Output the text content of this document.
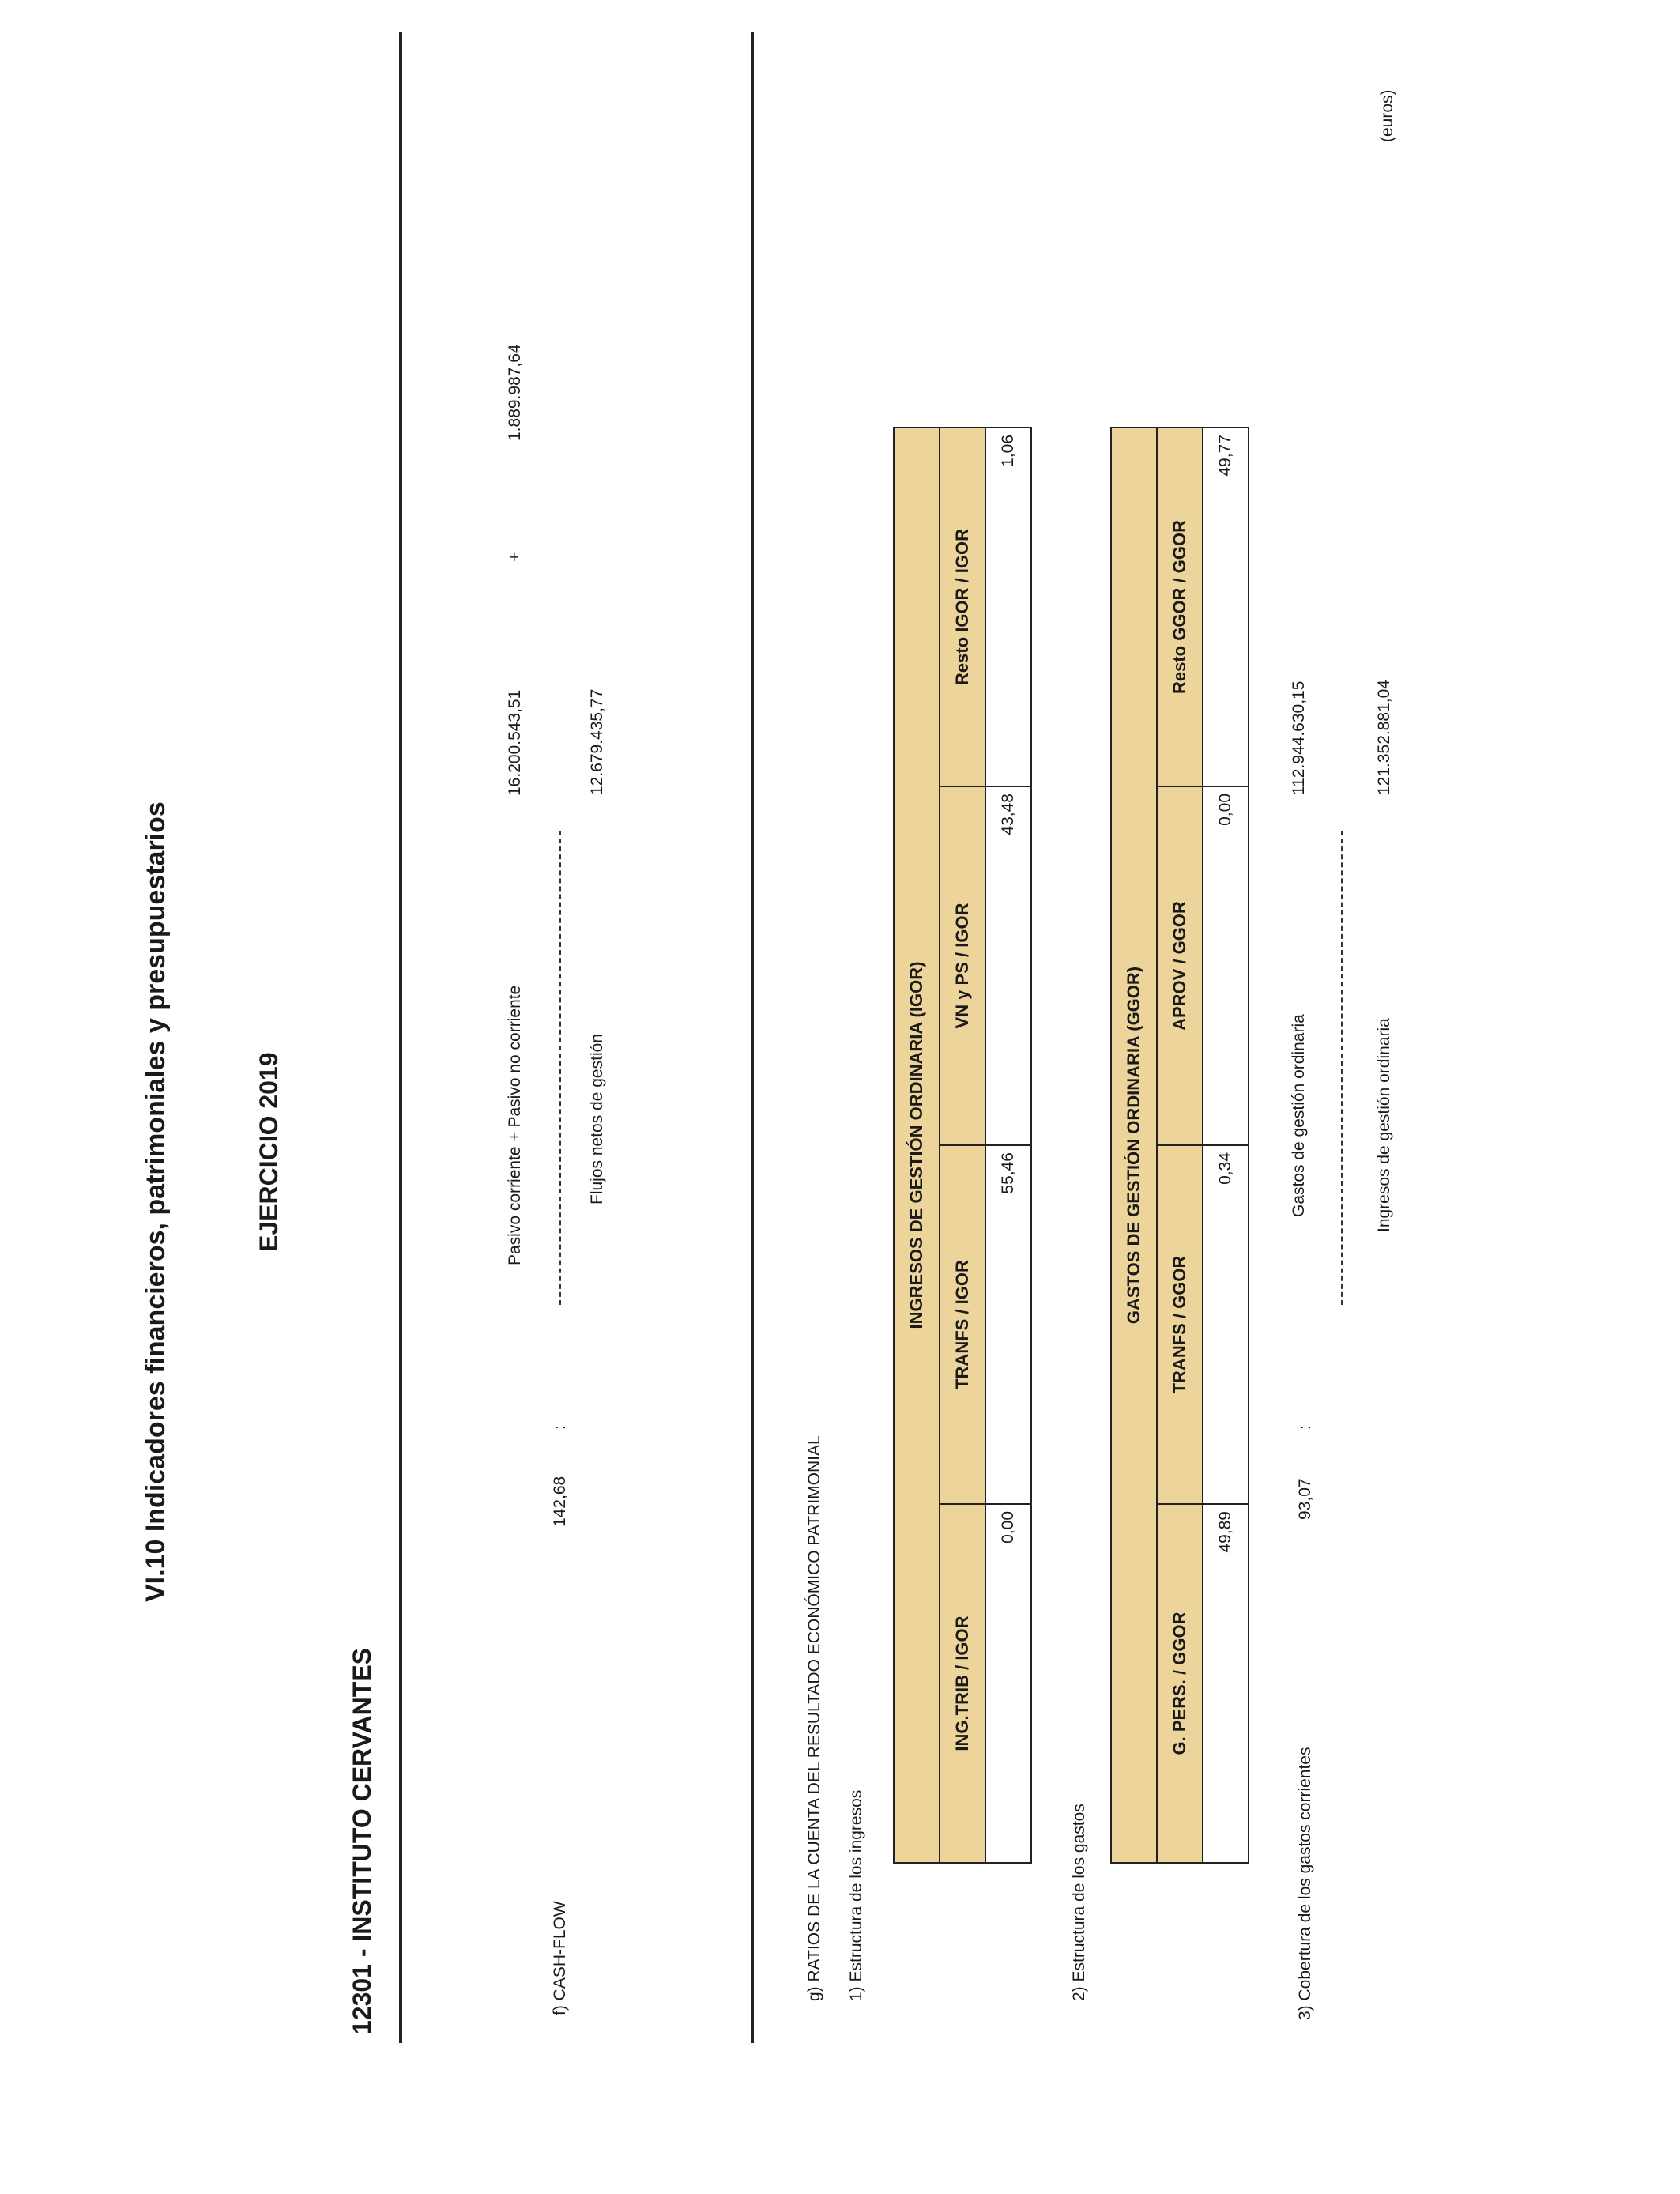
VI.10 Indicadores financieros, patrimoniales y presupuestarios	EJERCICIO 2019
12301 - INSTITUTO CERVANTES
(euros)
f) CASH-FLOW
142,68
:
Pasivo corriente + Pasivo no corriente
16.200.543,51
+
1.889.987,64
Flujos netos de gestión
12.679.435,77
g) RATIOS DE LA CUENTA DEL RESULTADO ECONÓMICO PATRIMONIAL 1) Estructura de los ingresos
INGRESOS DE GESTIÓN ORDINARIA (IGOR)			
ING.TRIB / IGOR	TRANFS / IGOR	VN y PS / IGOR	Resto IGOR / IGOR
0,00	55,46	43,48	1,06
2) Estructura de los gastos
GASTOS DE GESTIÓN ORDINARIA (GGOR)			
G. PERS. / GGOR	TRANFS / GGOR	APROV / GGOR	Resto GGOR / GGOR
49,89	0,34	0,00	49,77
3) Cobertura de los gastos corrientes
93,07
:
Gastos de gestión ordinaria
112.944.630,15
Ingresos de gestión ordinaria
121.352.881,04
